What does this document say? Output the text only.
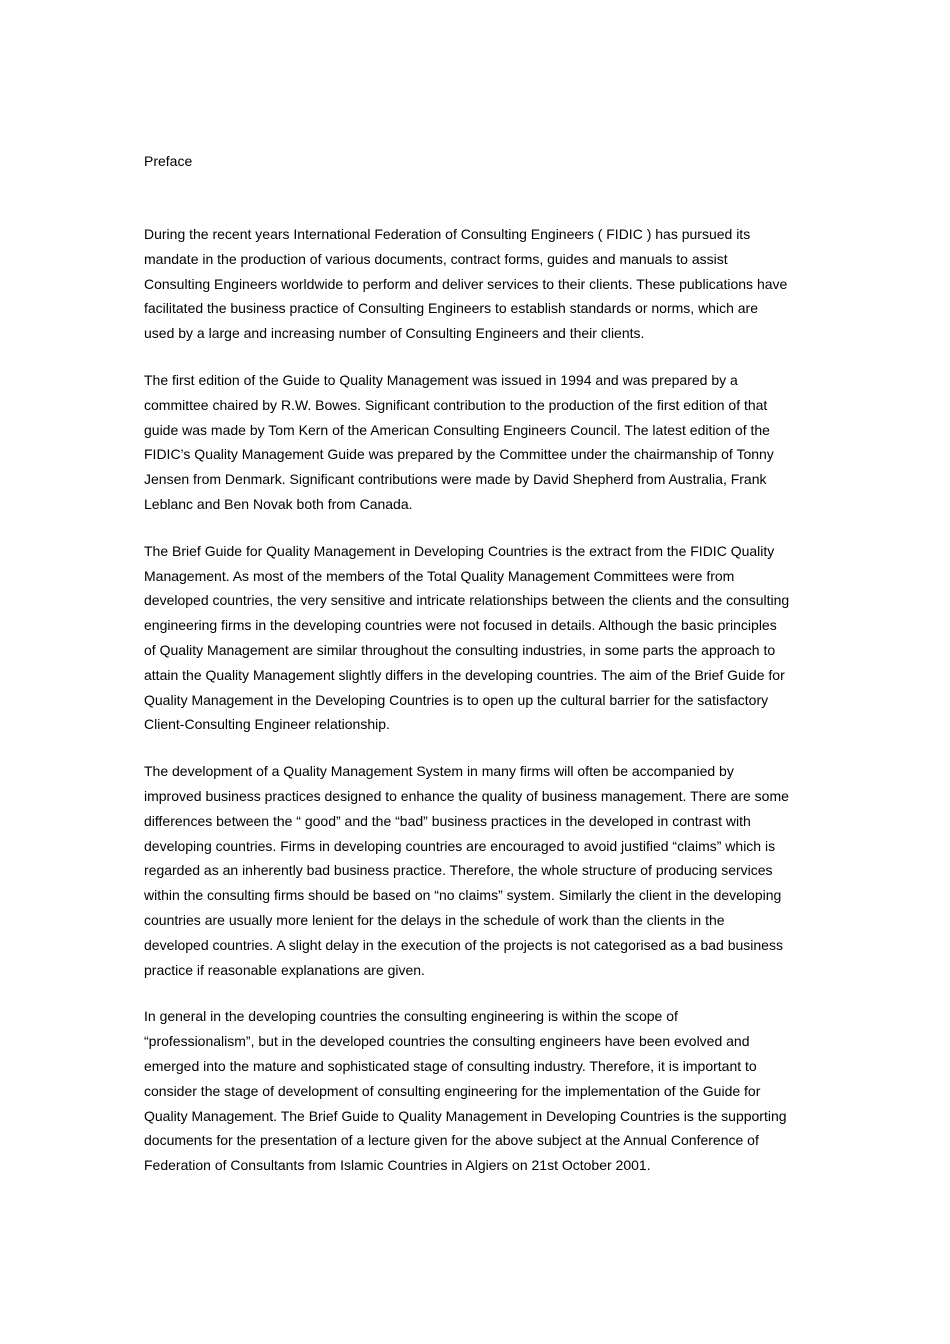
Preface

During the recent years International Federation of Consulting Engineers ( FIDIC ) has pursued its
mandate in the production of various documents, contract forms, guides and manuals to assist
Consulting Engineers worldwide to perform and deliver services to their clients. These publications have
facilitated the business practice of Consulting Engineers to establish standards or norms, which are
used by a large and increasing number of Consulting Engineers and their clients.

The first edition of the Guide to Quality Management was issued in 1994 and was prepared by a
committee chaired by R.W. Bowes. Significant contribution to the production of the first edition of that
guide was made by Tom Kern of the American Consulting Engineers Council. The latest edition of the
FIDIC’s Quality Management Guide was prepared by the Committee under the chairmanship of Tonny
Jensen from Denmark. Significant contributions were made by David Shepherd from Australia, Frank
Leblanc and Ben Novak both from Canada.

The Brief Guide for Quality Management in Developing Countries is the extract from the FIDIC Quality
Management. As most of the members of the Total Quality Management Committees were from
developed countries, the very sensitive and intricate relationships between the clients and the consulting
engineering firms in the developing countries were not focused in details. Although the basic principles
of Quality Management are similar throughout the consulting industries, in some parts the approach to
attain the Quality Management slightly differs in the developing countries. The aim of the Brief Guide for
Quality Management in the Developing Countries is to open up the cultural barrier for the satisfactory
Client-Consulting Engineer relationship.

The development of a Quality Management System in many firms will often be accompanied by
improved business practices designed to enhance the quality of business management. There are some
differences between the “ good” and the “bad” business practices in the developed in contrast with
developing countries. Firms in developing countries are encouraged to avoid justified “claims” which is
regarded as an inherently bad business practice. Therefore, the whole structure of producing services
within the consulting firms should be based on “no claims” system. Similarly the client in the developing
countries are usually more lenient for the delays in the schedule of work than the clients in the
developed countries. A slight delay in the execution of the projects is not categorised as a bad business
practice if reasonable explanations are given.

In general in the developing countries the consulting engineering is within the scope of
“professionalism”, but in the developed countries the consulting engineers have been evolved and
emerged into the mature and sophisticated stage of consulting industry. Therefore, it is important to
consider the stage of development of consulting engineering for the implementation of the Guide for
Quality Management. The Brief Guide to Quality Management in Developing Countries is the supporting
documents for the presentation of a lecture given for the above subject at the Annual Conference of
Federation of Consultants from Islamic Countries in Algiers on 21st October 2001.
